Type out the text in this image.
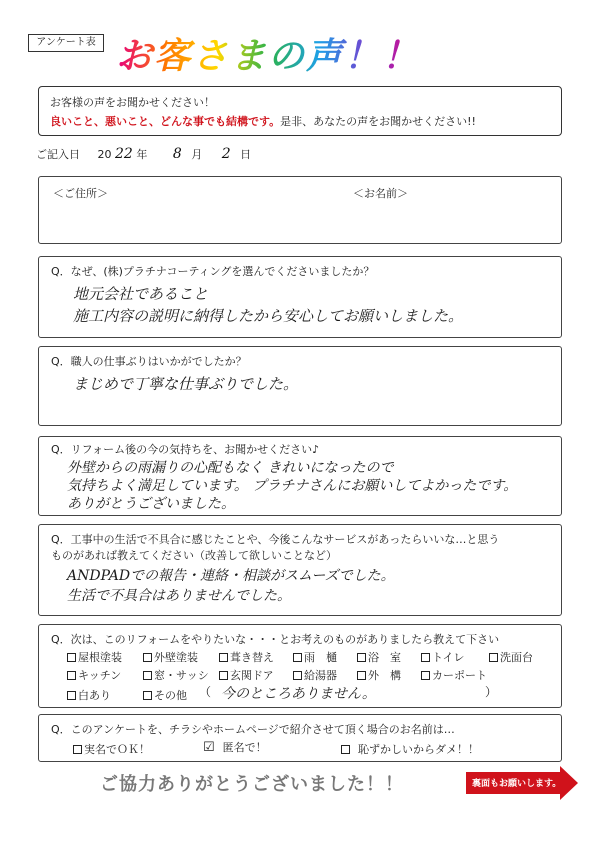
アンケート表 お客さまの声！！
お客様の声をお聞かせください！
良いこと、悪いこと、どんな事でも結構です。是非、あなたの声をお聞かせください!!
ご記入日 20 22 年 8 月 2 日
＜ご住所＞	＜お名前＞
Q．なぜ、(株)プラチナコーティングを選んでくださいましたか？
地元会社であること
施工内容の説明に納得したから安心してお願いしました。
Q．職人の仕事ぶりはいかがでしたか？
まじめで丁寧な仕事ぶりでした。
Q．リフォーム後の今の気持ちを、お聞かせください♪
外壁からの雨漏りの心配もなく きれいになったので
気持ちよく満足しています。 プラチナさんにお願いしてよかったです。
ありがとうございました。
Q．工事中の生活で不具合に感じたことや、今後こんなサービスがあったらいいな…と思う
ものがあれば教えてください（改善して欲しいことなど）
ANDPADでの報告・連絡・相談がスムーズでした。
生活で不具合はありませんでした。
Q．次は、このリフォームをやりたいな・・・とお考えのものがありましたら教えて下さい
屋根塗装	外壁塗装	葺き替え	雨　樋	浴　室	トイレ	洗面台
キッチン	窓・サッシ 玄関ドア	給湯器	外　構	カーポート
白あり	その他 （ 今のところありません。	）
Q．このアンケートを、チラシやホームページで紹介させて頂く場合のお名前は…
実名でＯＫ！	☑ 匿名で！	恥ずかしいからダメ！！
ご協力ありがとうございました！！	裏面もお願いします。
